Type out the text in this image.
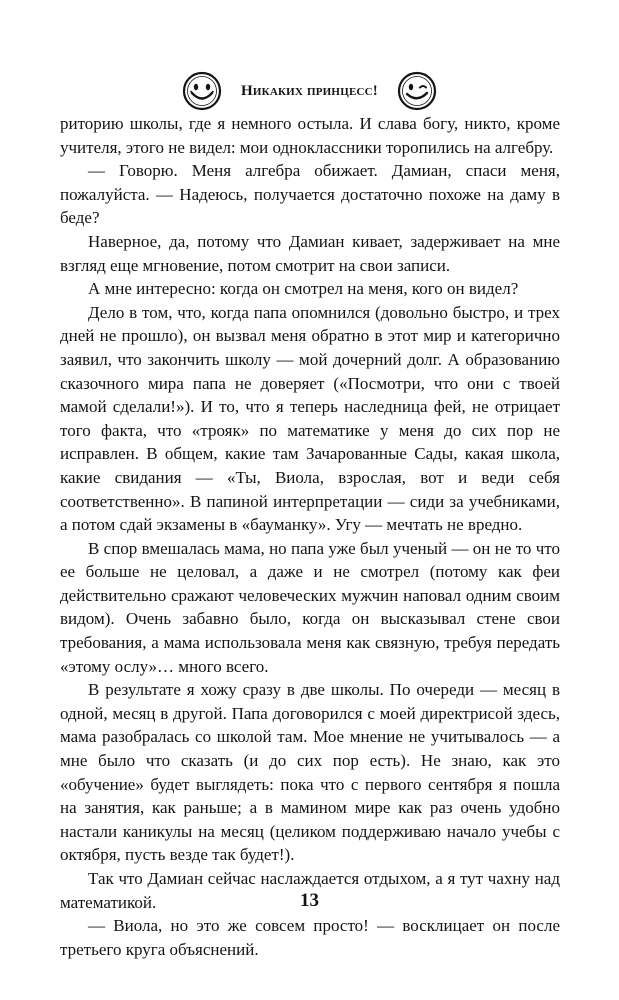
Никаких принцесс!

риторию школы, где я немного остыла. И слава богу, никто, кроме учителя, этого не видел: мои одноклассники торопились на алгебру.

— Говорю. Меня алгебра обижает. Дамиан, спаси меня, пожалуйста. — Надеюсь, получается достаточно похоже на даму в беде?

Наверное, да, потому что Дамиан кивает, задерживает на мне взгляд еще мгновение, потом смотрит на свои записи.

А мне интересно: когда он смотрел на меня, кого он видел?

Дело в том, что, когда папа опомнился (довольно быстро, и трех дней не прошло), он вызвал меня обратно в этот мир и категорично заявил, что закончить школу — мой дочерний долг. А образованию сказочного мира папа не доверяет («Посмотри, что они с твоей мамой сделали!»). И то, что я теперь наследница фей, не отрицает того факта, что «трояк» по математике у меня до сих пор не исправлен. В общем, какие там Зачарованные Сады, какая школа, какие свидания — «Ты, Виола, взрослая, вот и веди себя соответственно». В папиной интерпретации — сиди за учебниками, а потом сдай экзамены в «бауманку». Угу — мечтать не вредно.

В спор вмешалась мама, но папа уже был ученый — он не то что ее больше не целовал, а даже и не смотрел (потому как феи действительно сражают человеческих мужчин наповал одним своим видом). Очень забавно было, когда он высказывал стене свои требования, а мама использовала меня как связную, требуя передать «этому ослу»… много всего.

В результате я хожу сразу в две школы. По очереди — месяц в одной, месяц в другой. Папа договорился с моей директрисой здесь, мама разобралась со школой там. Мое мнение не учитывалось — а мне было что сказать (и до сих пор есть). Не знаю, как это «обучение» будет выглядеть: пока что с первого сентября я пошла на занятия, как раньше; а в мамином мире как раз очень удобно настали каникулы на месяц (целиком поддерживаю начало учебы с октября, пусть везде так будет!).

Так что Дамиан сейчас наслаждается отдыхом, а я тут чахну над математикой.

— Виола, но это же совсем просто! — восклицает он после третьего круга объяснений.

13
